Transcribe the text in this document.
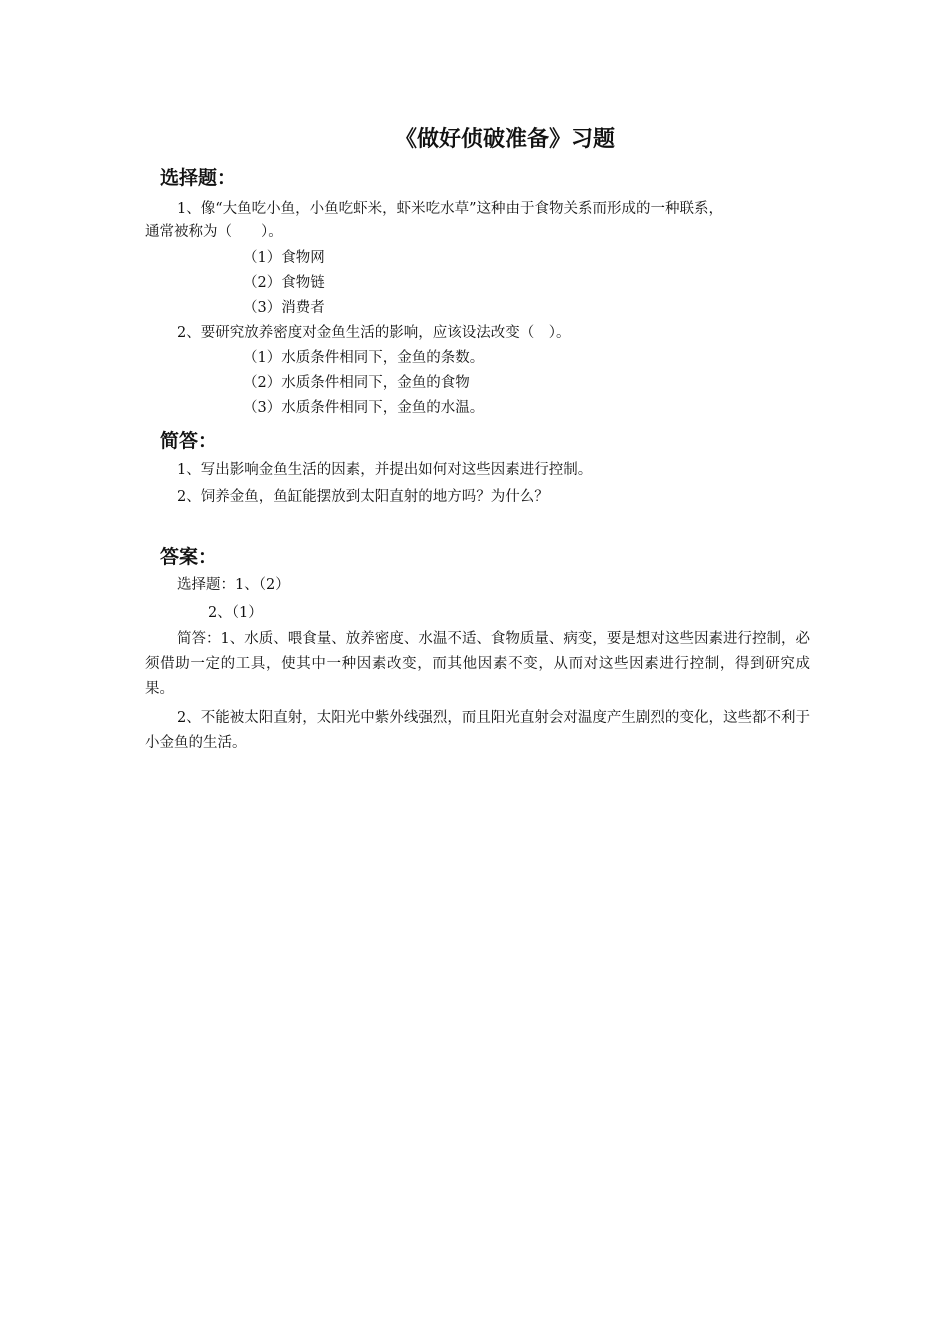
《做好侦破准备》习题
选择题：
1、像“大鱼吃小鱼，小鱼吃虾米，虾米吃水草”这种由于食物关系而形成的一种联系，
通常被称为（　　）。
（1）食物网
（2）食物链
（3）消费者
2、要研究放养密度对金鱼生活的影响，应该设法改变（　）。
（1）水质条件相同下，金鱼的条数。
（2）水质条件相同下，金鱼的食物
（3）水质条件相同下，金鱼的水温。
简答：
1、写出影响金鱼生活的因素，并提出如何对这些因素进行控制。
2、饲养金鱼，鱼缸能摆放到太阳直射的地方吗？为什么？
答案：
选择题：1、（2）
2、（1）
简答：1、水质、喂食量、放养密度、水温不适、食物质量、病变，要是想对这些因素进行控制，必须借助一定的工具，使其中一种因素改变，而其他因素不变，从而对这些因素进行控制，得到研究成果。
2、不能被太阳直射，太阳光中紫外线强烈，而且阳光直射会对温度产生剧烈的变化，这些都不利于小金鱼的生活。
